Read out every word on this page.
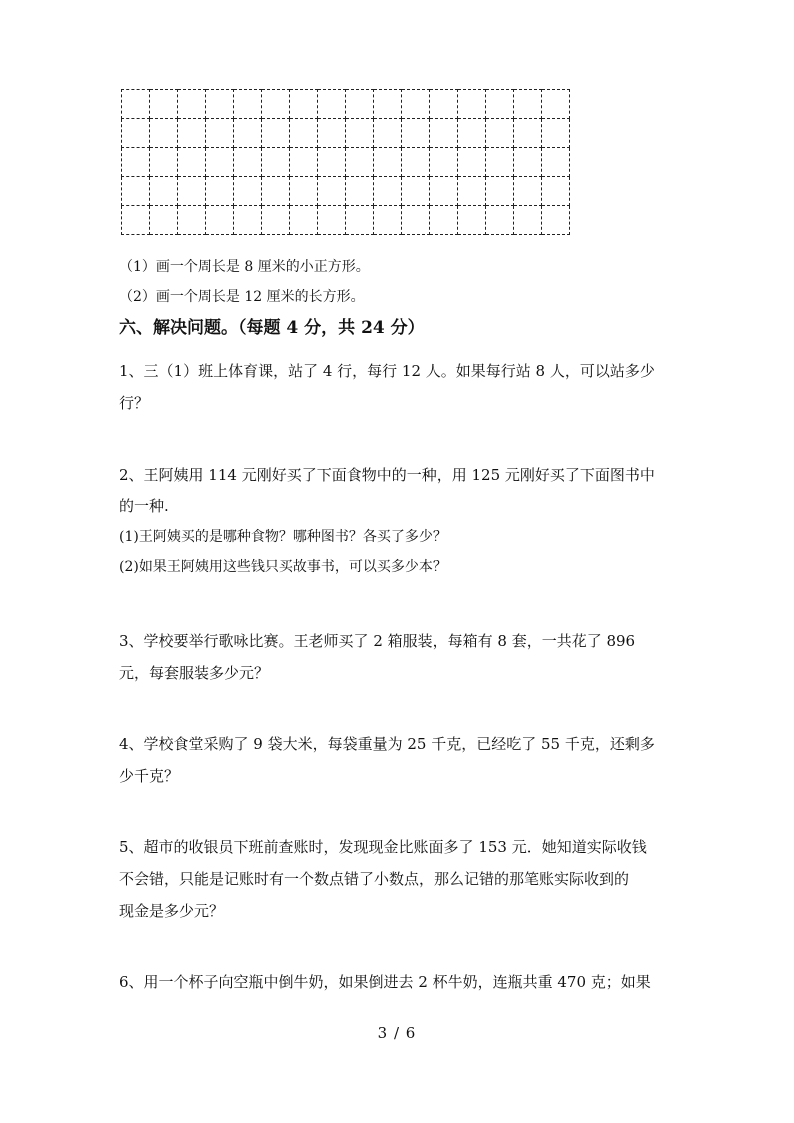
（1）画一个周长是 8 厘米的小正方形。
（2）画一个周长是 12 厘米的长方形。
六、解决问题。（每题 4 分，共 24 分）
1、三（1）班上体育课，站了 4 行，每行 12 人。如果每行站 8 人，可以站多少
行？
2、王阿姨用 114 元刚好买了下面食物中的一种，用 125 元刚好买了下面图书中
的一种.
(1)王阿姨买的是哪种食物？哪种图书？各买了多少？
(2)如果王阿姨用这些钱只买故事书，可以买多少本？
3、学校要举行歌咏比赛。王老师买了 2 箱服装，每箱有 8 套，一共花了 896
元，每套服装多少元？
4、学校食堂采购了 9 袋大米，每袋重量为 25 千克，已经吃了 55 千克，还剩多
少千克？
5、超市的收银员下班前查账时，发现现金比账面多了 153 元．她知道实际收钱
不会错，只能是记账时有一个数点错了小数点，那么记错的那笔账实际收到的
现金是多少元？
6、用一个杯子向空瓶中倒牛奶，如果倒进去 2 杯牛奶，连瓶共重 470 克；如果
3 / 6
